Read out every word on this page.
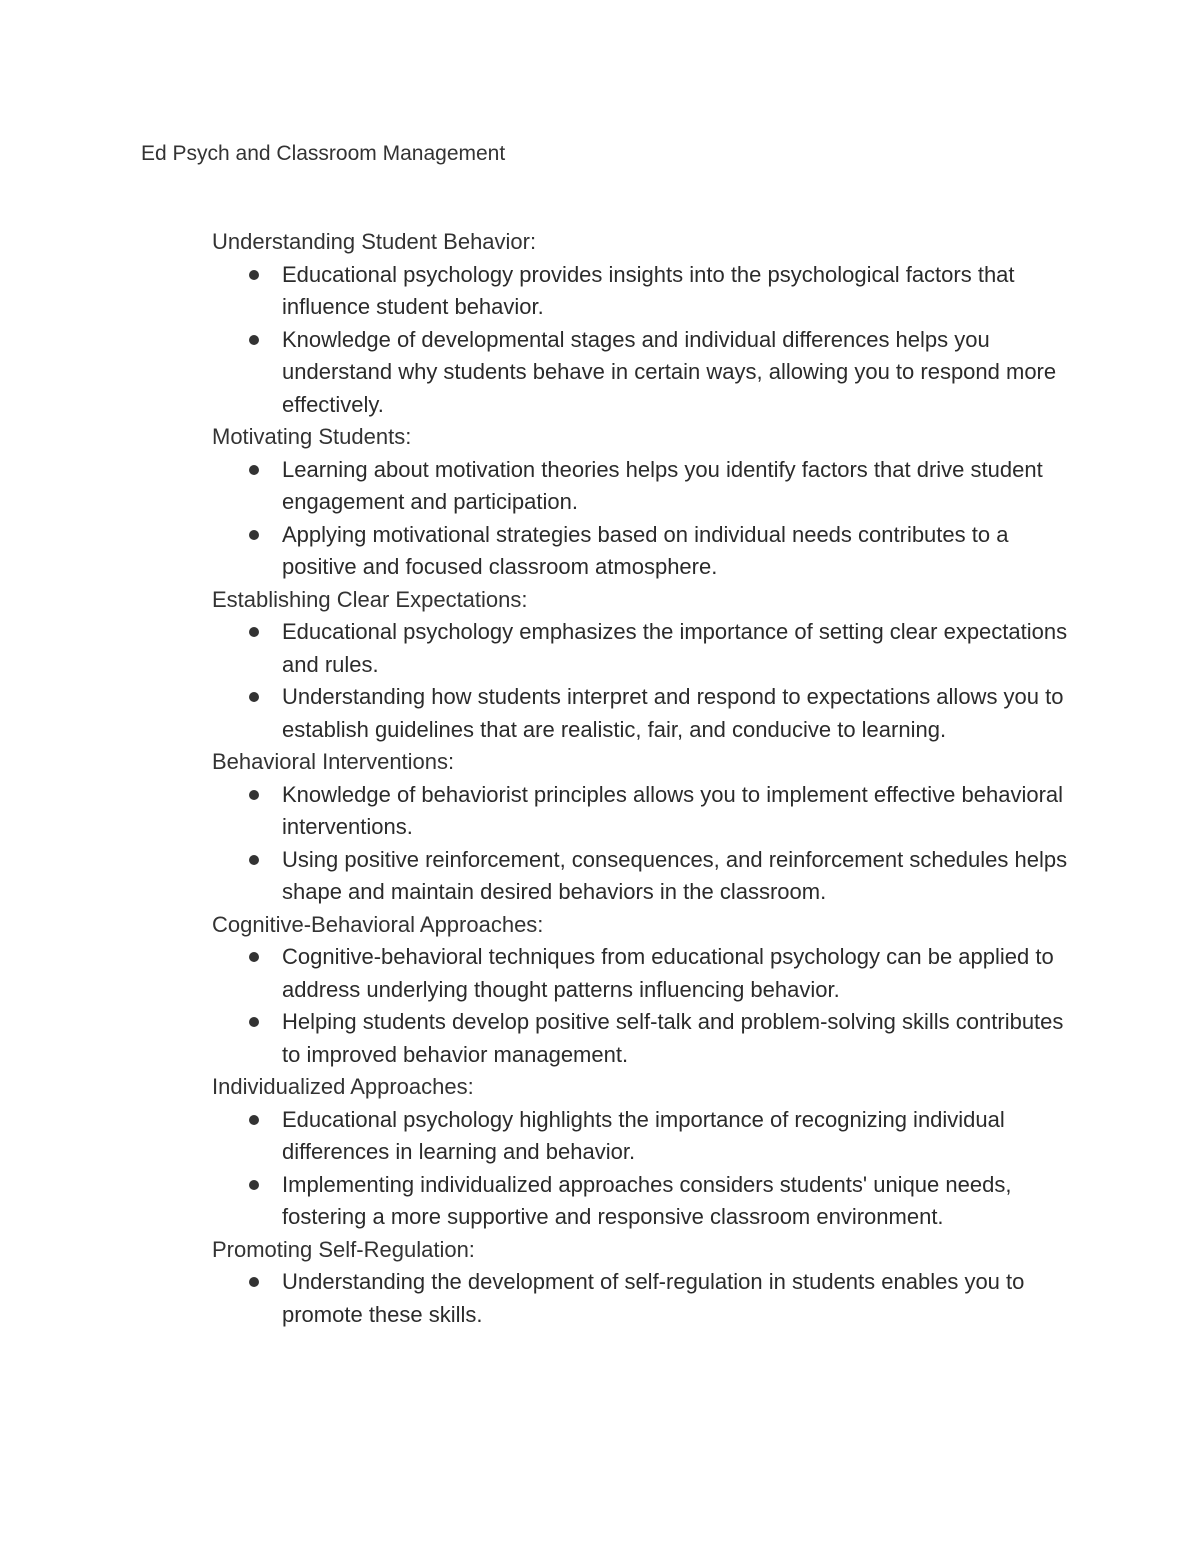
Ed Psych and Classroom Management
Understanding Student Behavior:
Educational psychology provides insights into the psychological factors that influence student behavior.
Knowledge of developmental stages and individual differences helps you understand why students behave in certain ways, allowing you to respond more effectively.
Motivating Students:
Learning about motivation theories helps you identify factors that drive student engagement and participation.
Applying motivational strategies based on individual needs contributes to a positive and focused classroom atmosphere.
Establishing Clear Expectations:
Educational psychology emphasizes the importance of setting clear expectations and rules.
Understanding how students interpret and respond to expectations allows you to establish guidelines that are realistic, fair, and conducive to learning.
Behavioral Interventions:
Knowledge of behaviorist principles allows you to implement effective behavioral interventions.
Using positive reinforcement, consequences, and reinforcement schedules helps shape and maintain desired behaviors in the classroom.
Cognitive-Behavioral Approaches:
Cognitive-behavioral techniques from educational psychology can be applied to address underlying thought patterns influencing behavior.
Helping students develop positive self-talk and problem-solving skills contributes to improved behavior management.
Individualized Approaches:
Educational psychology highlights the importance of recognizing individual differences in learning and behavior.
Implementing individualized approaches considers students' unique needs, fostering a more supportive and responsive classroom environment.
Promoting Self-Regulation:
Understanding the development of self-regulation in students enables you to promote these skills.
